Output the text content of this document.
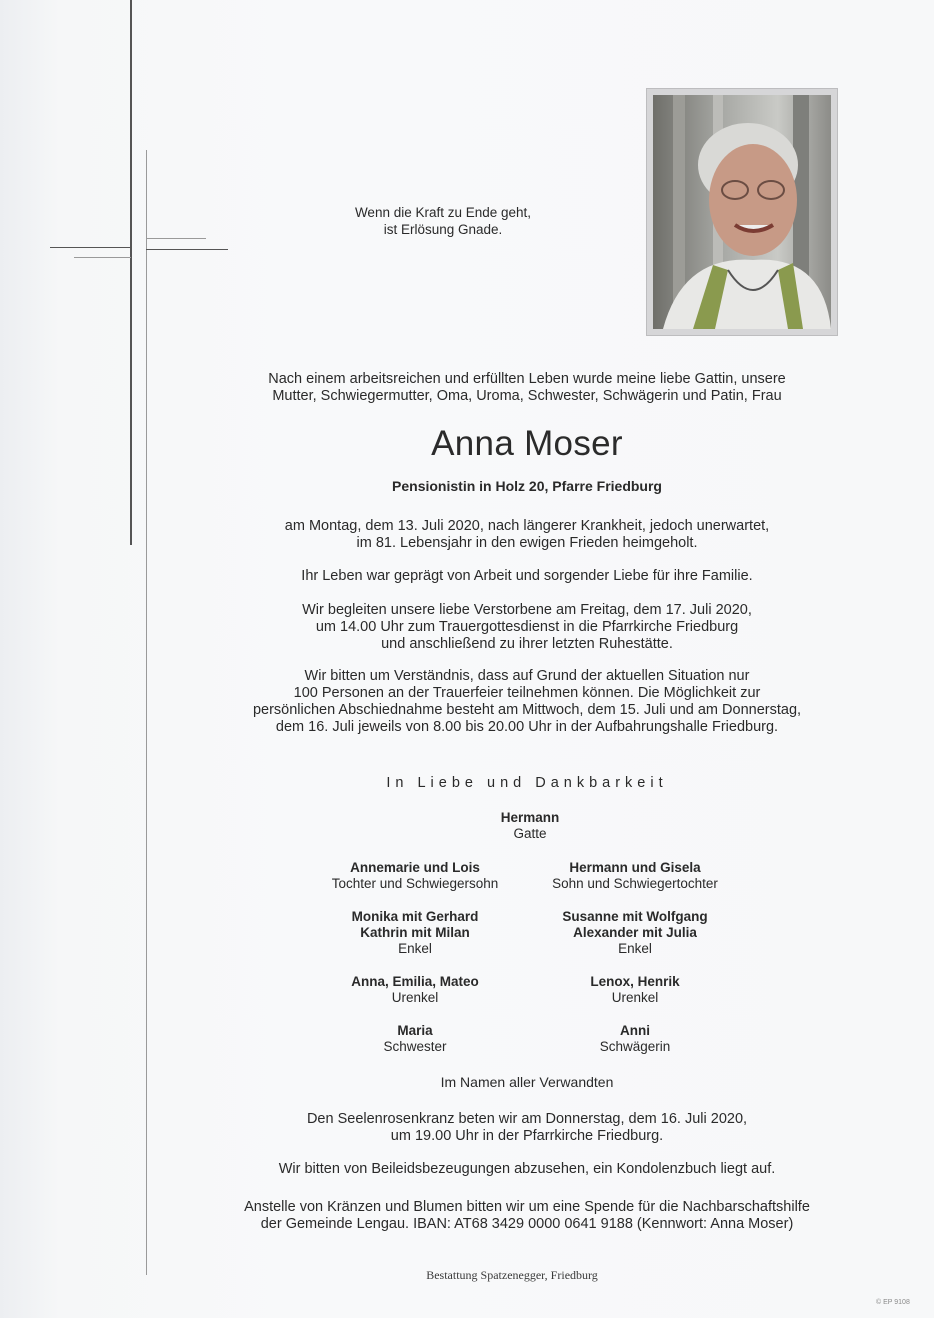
Wenn die Kraft zu Ende geht,
ist Erlösung Gnade.
Nach einem arbeitsreichen und erfüllten Leben wurde meine liebe Gattin, unsere
Mutter, Schwiegermutter, Oma, Uroma, Schwester, Schwägerin und Patin, Frau
Anna Moser
Pensionistin in Holz 20, Pfarre Friedburg
am Montag, dem 13. Juli 2020, nach längerer Krankheit, jedoch unerwartet,
im 81. Lebensjahr in den ewigen Frieden heimgeholt.
Ihr Leben war geprägt von Arbeit und sorgender Liebe für ihre Familie.
Wir begleiten unsere liebe Verstorbene am Freitag, dem 17. Juli 2020,
um 14.00 Uhr zum Trauergottesdienst in die Pfarrkirche Friedburg
und anschließend zu ihrer letzten Ruhestätte.
Wir bitten um Verständnis, dass auf Grund der aktuellen Situation nur
100 Personen an der Trauerfeier teilnehmen können. Die Möglichkeit zur
persönlichen Abschiednahme besteht am Mittwoch, dem 15. Juli und am Donnerstag,
dem 16. Juli jeweils von 8.00 bis 20.00 Uhr in der Aufbahrungshalle Friedburg.
In Liebe und Dankbarkeit
Hermann
Gatte
Annemarie und Lois
Tochter und Schwiegersohn
Hermann und Gisela
Sohn und Schwiegertochter
Monika mit Gerhard
Kathrin mit Milan
Enkel
Susanne mit Wolfgang
Alexander mit Julia
Enkel
Anna, Emilia, Mateo
Urenkel
Lenox, Henrik
Urenkel
Maria
Schwester
Anni
Schwägerin
Im Namen aller Verwandten
Den Seelenrosenkranz beten wir am Donnerstag, dem 16. Juli 2020,
um 19.00 Uhr in der Pfarrkirche Friedburg.
Wir bitten von Beileidsbezeugungen abzusehen, ein Kondolenzbuch liegt auf.
Anstelle von Kränzen und Blumen bitten wir um eine Spende für die Nachbarschaftshilfe
der Gemeinde Lengau. IBAN: AT68 3429 0000 0641 9188 (Kennwort: Anna Moser)
Bestattung Spatzenegger, Friedburg
© EP 9108
